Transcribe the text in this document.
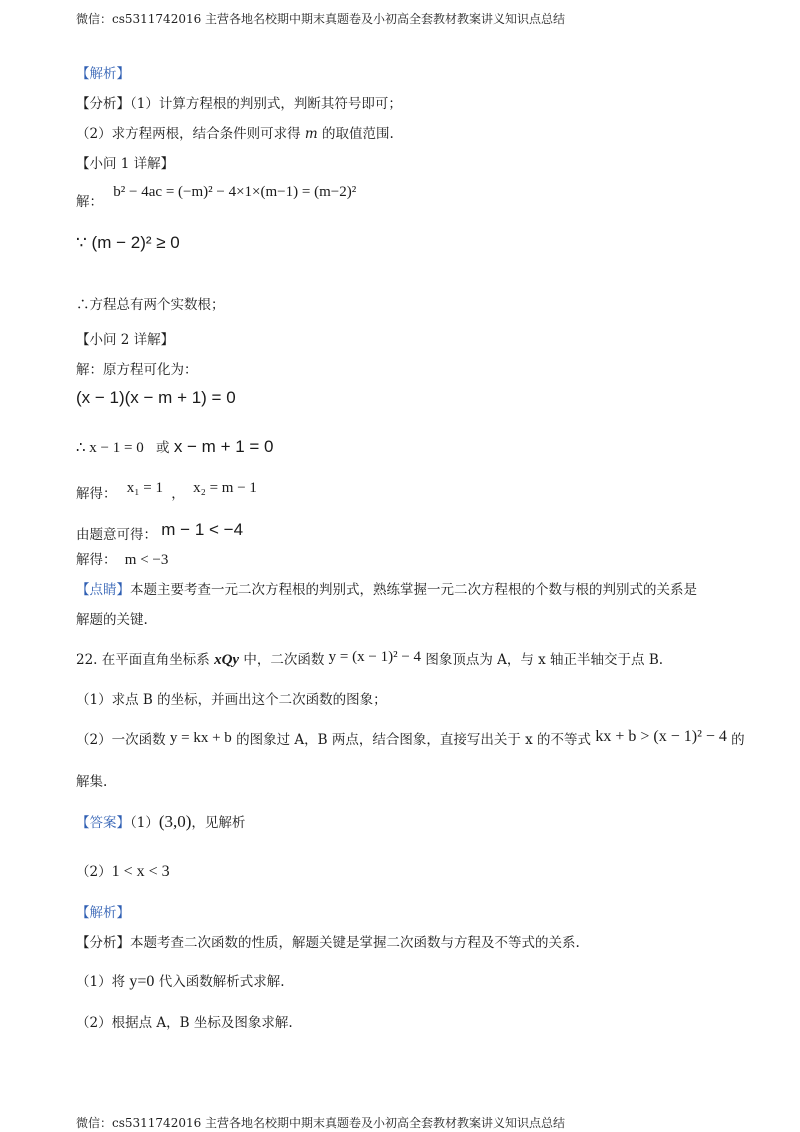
微信：cs5311742016 主营各地名校期中期末真题卷及小初高全套教材教案讲义知识点总结
【解析】
【分析】（1）计算方程根的判别式，判断其符号即可；
（2）求方程两根，结合条件则可求得 m 的取值范围.
【小问 1 详解】
解： b² − 4ac = (−m)² − 4×1×(m−1) = (m−2)²
∵ (m − 2)² ≥ 0
∴方程总有两个实数根；
【小问 2 详解】
解：原方程可化为：
(x − 1)(x − m + 1) = 0
∴ x − 1 = 0 或 x − m + 1 = 0
解得： x₁ = 1 ， x₂ = m − 1
由题意可得： m − 1 < −4
解得： m < −3
【点睛】本题主要考查一元二次方程根的判别式，熟练掌握一元二次方程根的个数与根的判别式的关系是
解题的关键.
22. 在平面直角坐标系 xQy 中，二次函数 y = (x − 1)² − 4 图象顶点为 A，与 x 轴正半轴交于点 B.
（1）求点 B 的坐标，并画出这个二次函数的图象；
（2）一次函数 y = kx + b 的图象过 A，B 两点，结合图象，直接写出关于 x 的不等式 kx + b > (x − 1)² − 4 的
解集.
【答案】（1）(3,0)，见解析
（2）1 < x < 3
【解析】
【分析】本题考查二次函数的性质，解题关键是掌握二次函数与方程及不等式的关系.
（1）将 y=0 代入函数解析式求解.
（2）根据点 A，B 坐标及图象求解.
微信：cs5311742016 主营各地名校期中期末真题卷及小初高全套教材教案讲义知识点总结
